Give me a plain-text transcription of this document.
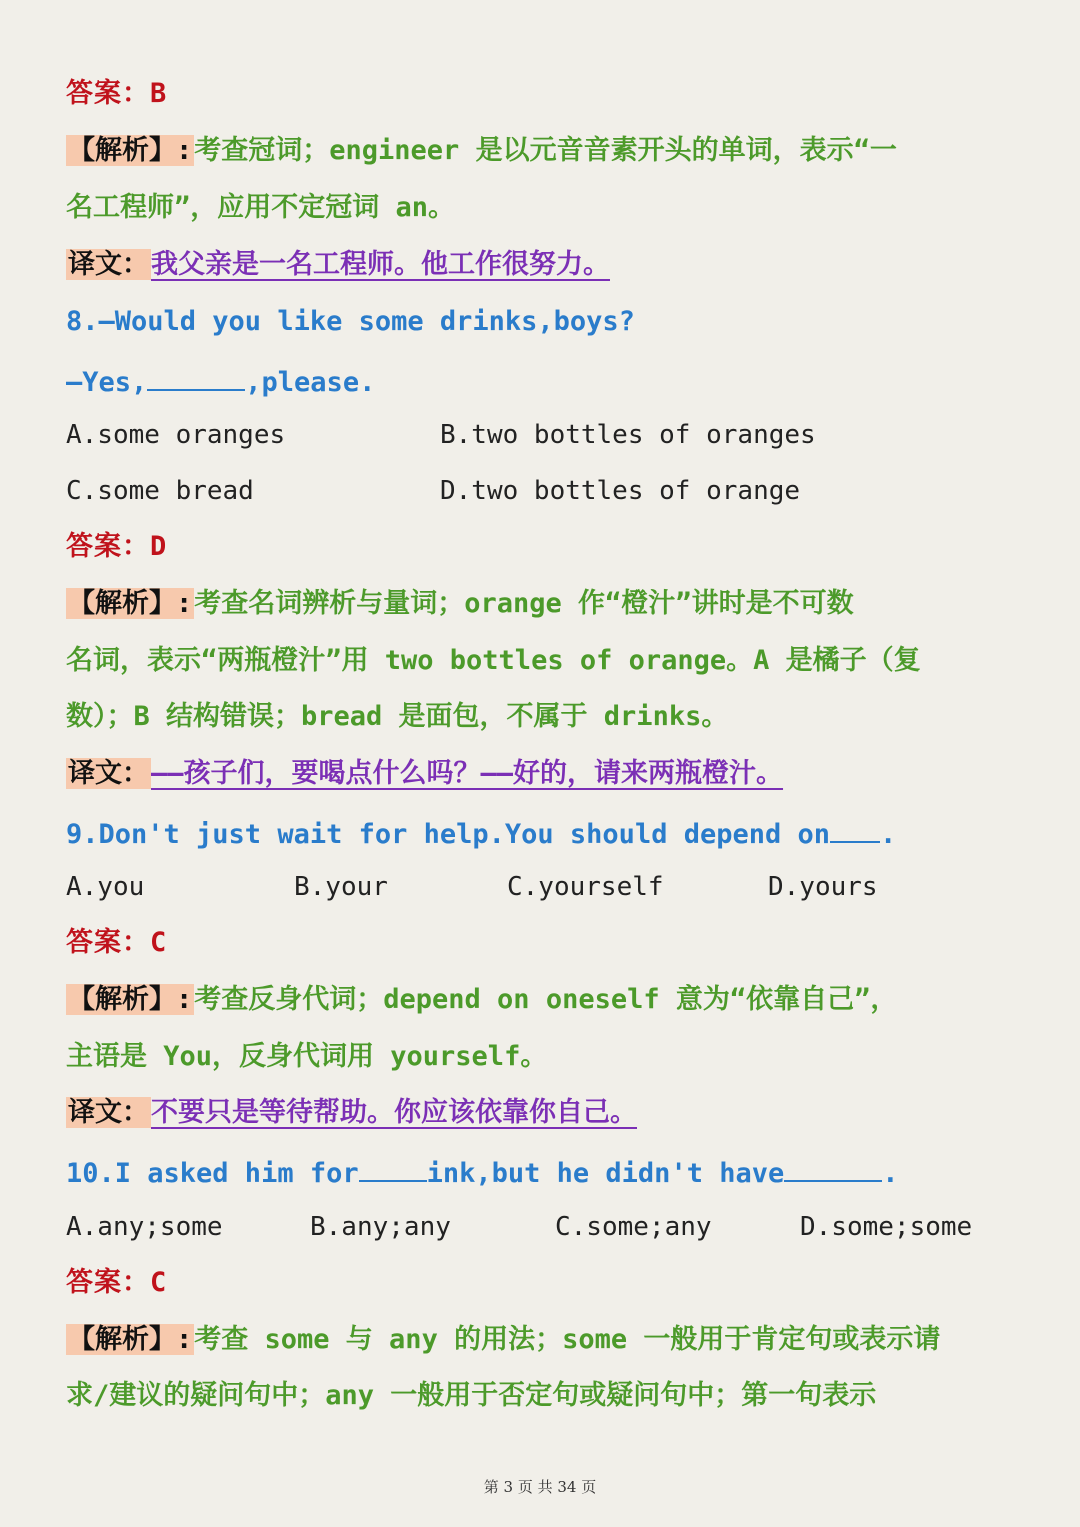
答案：B
【解析】:考查冠词；engineer 是以元音音素开头的单词，表示“一
名工程师”，应用不定冠词 an。
译文：我父亲是一名工程师。他工作很努力。
8.—Would you like some drinks,boys?
—Yes,	,please.
A.some oranges	B.two bottles of oranges
C.some bread	D.two bottles of orange
答案：D
【解析】:考查名词辨析与量词；orange 作“橙汁”讲时是不可数
名词，表示“两瓶橙汁”用 two bottles of orange。A 是橘子（复
数）；B 结构错误；bread 是面包，不属于 drinks。
译文：——孩子们，要喝点什么吗？——好的，请来两瓶橙汁。
9.Don't just wait for help.You should depend on .
A.you	B.your	C.yourself	D.yours
答案：C
【解析】:考查反身代词；depend on oneself 意为“依靠自己”，
主语是 You，反身代词用 yourself。
译文：不要只是等待帮助。你应该依靠你自己。
10.I asked him for	ink,but he didn't have	.
A.any;some	B.any;any	C.some;any	D.some;some
答案：C
【解析】:考查 some 与 any 的用法；some 一般用于肯定句或表示请
求/建议的疑问句中；any 一般用于否定句或疑问句中；第一句表示
第 3 页 共 34 页
